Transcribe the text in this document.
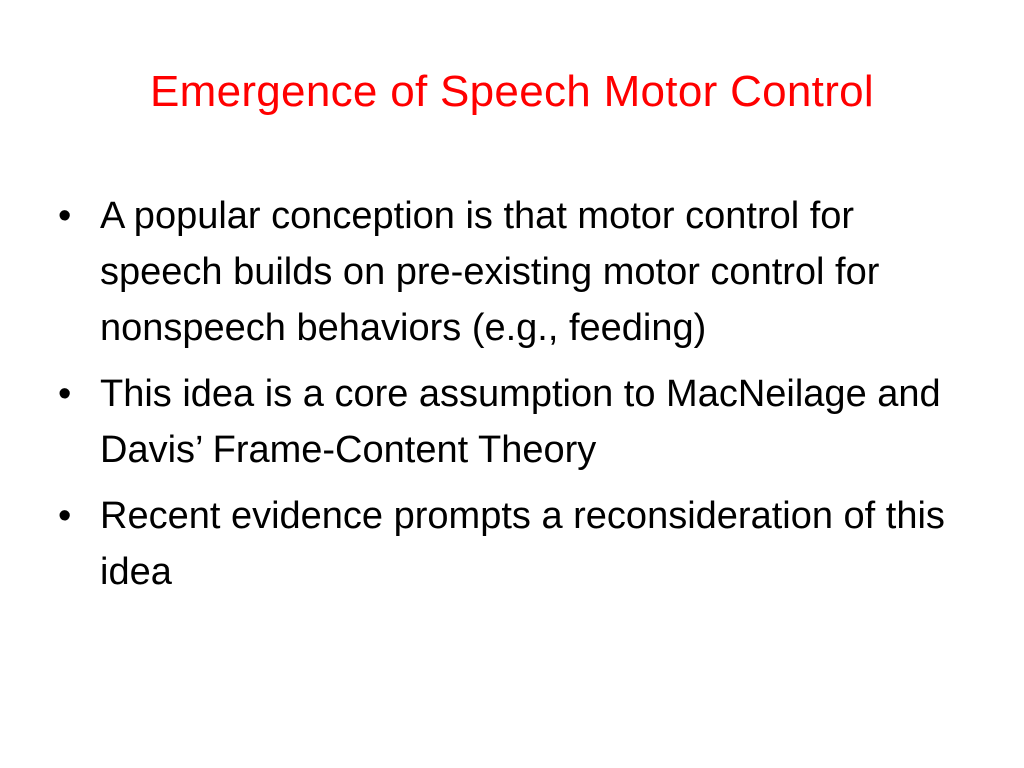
Emergence of Speech Motor Control
• A popular conception is that motor control for speech builds on pre-existing motor control for nonspeech behaviors (e.g., feeding)
• This idea is a core assumption to MacNeilage and Davis’ Frame-Content Theory
• Recent evidence prompts a reconsideration of this idea
